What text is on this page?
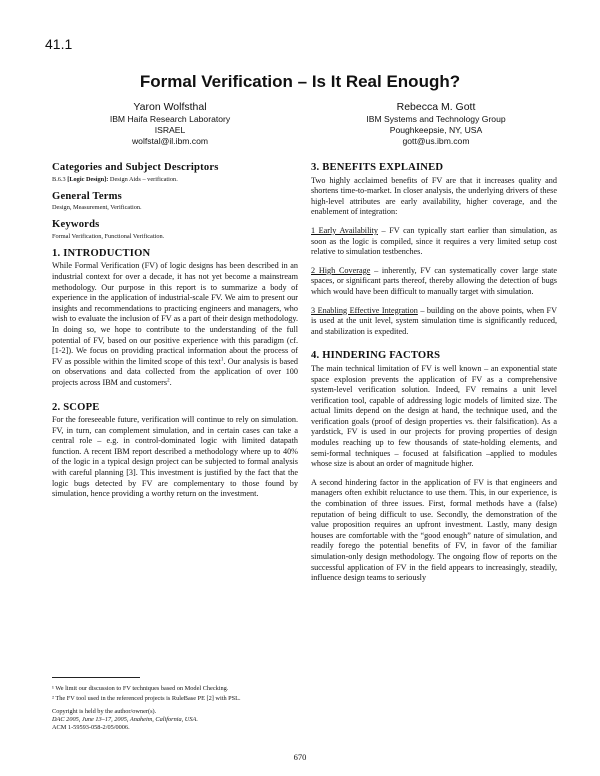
41.1
Formal Verification – Is It Real Enough?
Yaron Wolfsthal
IBM Haifa Research Laboratory
ISRAEL
wolfstal@il.ibm.com
Rebecca M. Gott
IBM Systems and Technology Group
Poughkeepsie, NY, USA
gott@us.ibm.com
Categories and Subject Descriptors

B.6.3 [Logic Design]: Design Aids – verification.

General Terms

Design, Measurement, Verification.

Keywords

Formal Verification, Functional Verification.

1. INTRODUCTION

While Formal Verification (FV) of logic designs has been described in an industrial context for over a decade, it has not yet become a mainstream methodology. Our purpose in this report is to summarize a body of experience in the application of industrial-scale FV. We aim to present our insights and recommendations to practicing engineers and managers, who wish to evaluate the inclusion of FV as a part of their design methodology. In doing so, we hope to contribute to the understanding of the full potential of FV, based on our positive experience with this paradigm (cf. [1-2]). We focus on providing practical information about the process of FV as possible within the limited scope of this text$^1$. Our analysis is based on observations and data collected from the application of over 100 projects across IBM and customers$^2$.

2. SCOPE

For the foreseeable future, verification will continue to rely on simulation. FV, in turn, can complement simulation, and in certain cases can take a central role – e.g. in control-dominated logic with limited datapath function. A recent IBM report described a methodology where up to 40% of the logic in a typical design project can be subjected to formal analysis with careful planning [3]. This investment is justified by the fact that the logic bugs detected by FV are complementary to those found by simulation, hence providing a worthy return on the investment.

¹ We limit our discussion to FV techniques based on Model Checking.

² The FV tool used in the referenced projects is RuleBase PE [2] with PSL.

Copyright is held by the author/owner(s).
DAC 2005, June 13–17, 2005, Anaheim, California, USA.
ACM 1-59593-058-2/05/0006.
3. BENEFITS EXPLAINED

Two highly acclaimed benefits of FV are that it increases quality and shortens time-to-market. In closer analysis, the underlying drivers of these high-level attributes are early availability, higher coverage, and the enablement of integration:

1 Early Availability – FV can typically start earlier than simulation, as soon as the logic is compiled, since it requires a very limited setup cost relative to simulation testbenches.

2 High Coverage – inherently, FV can systematically cover large state spaces, or significant parts thereof, thereby allowing the detection of bugs which would have been difficult to manually target with simulation.

3 Enabling Effective Integration – building on the above points, when FV is used at the unit level, system simulation time is significantly reduced, and stabilization is expedited.

4. HINDERING FACTORS

The main technical limitation of FV is well known – an exponential state space explosion prevents the application of FV as a comprehensive system-level verification solution. Indeed, FV remains a unit level verification tool, capable of addressing logic models of limited size. The actual limits depend on the design at hand, the technique used, and the verification goals (proof of design properties vs. their falsification). As a yardstick, FV is used in our projects for proving properties of design modules reaching up to few thousands of state-holding elements, and semi-formal techniques – focused at falsification –applied to modules whose size is about an order of magnitude higher.

A second hindering factor in the application of FV is that engineers and managers often exhibit reluctance to use them. This, in our experience, is the combination of three issues. First, formal methods have a (false) reputation of being difficult to use. Secondly, the demonstration of the value proposition requires an upfront investment. Lastly, many design houses are comfortable with the “good enough” nature of simulation, and readily forego the potential benefits of FV, in favor of the familiar simulation-only design methodology. The ongoing flow of reports on the successful application of FV in the field appears to increasingly, steadily, influence design teams to seriously

670
